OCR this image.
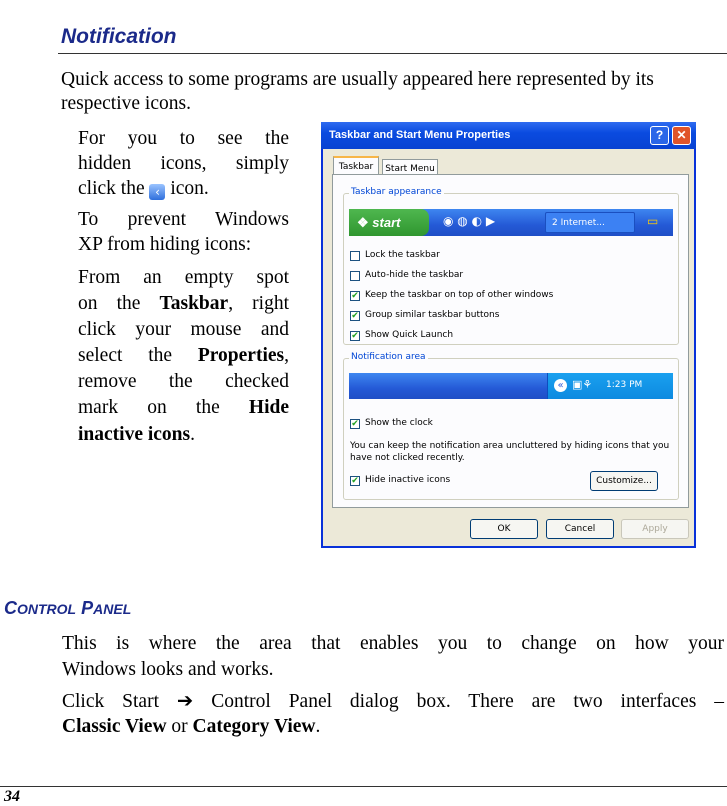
Notification
Quick access to some programs are usually appeared here represented by its respective icons.
For you to see the
hidden icons, simply
click the ‹ icon.
To prevent Windows
XP from hiding icons:
From an empty spot
on the Taskbar, right
click your mouse and
select the Properties,
remove the checked
mark on the Hide
inactive icons.
Taskbar and Start Menu Properties	?	✕
Taskbar	Start Menu
Taskbar appearance
❖ start	◉ ◍ ◐ ▶	2 Internet...	▭
Lock the taskbar
Auto-hide the taskbar
✔ Keep the taskbar on top of other windows
✔ Group similar taskbar buttons
✔ Show Quick Launch
Notification area
« ▣⚘ 1:23 PM
✔ Show the clock
You can keep the notification area uncluttered by hiding icons that you
have not clicked recently.
✔ Hide inactive icons	Customize...
OK	Cancel	Apply
CONTROL PANEL
This is where the area that enables you to change on how your
Windows looks and works.
Click Start ➔ Control Panel dialog box. There are two interfaces –
Classic View or Category View.
34
